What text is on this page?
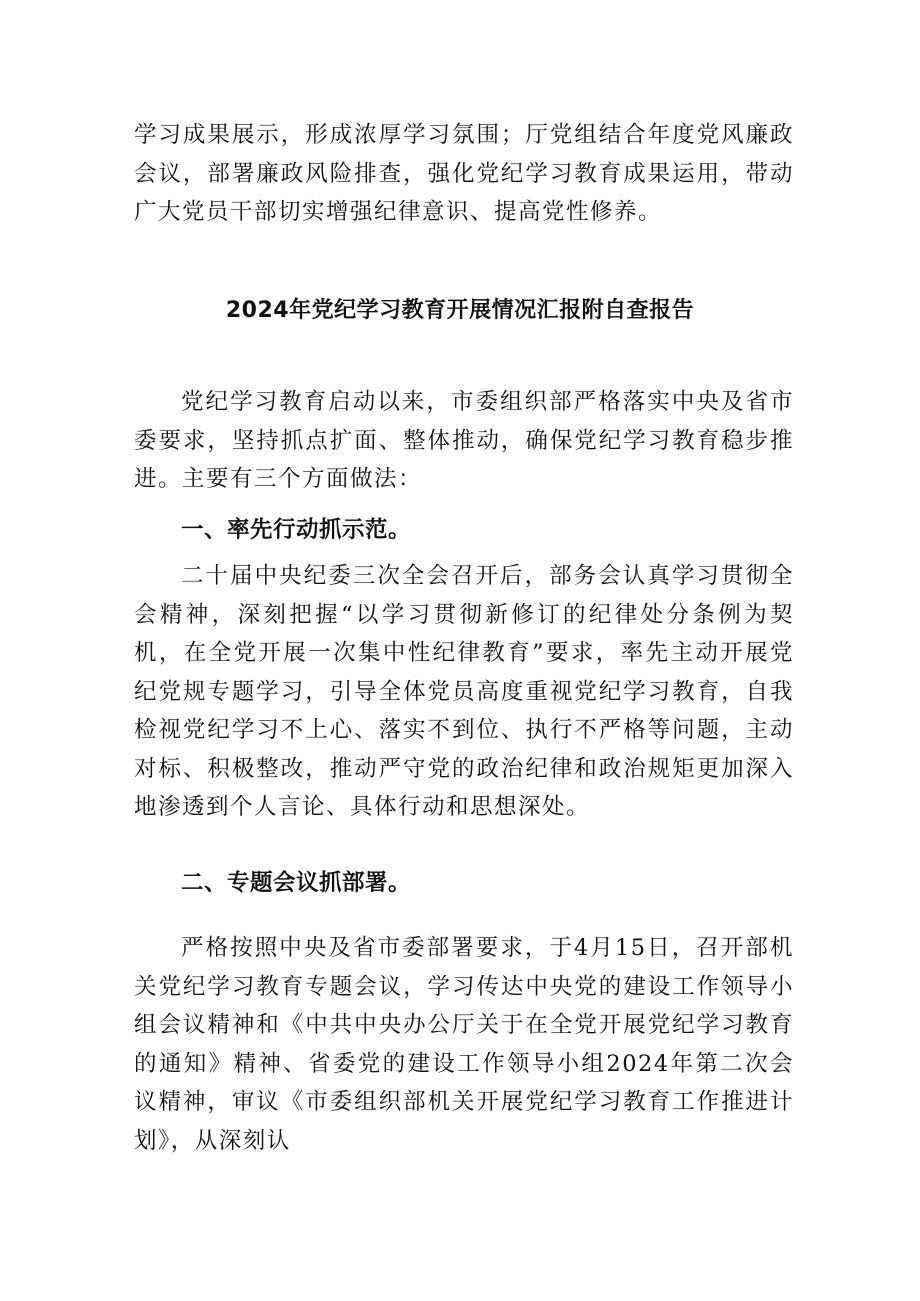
学习成果展示，形成浓厚学习氛围；厅党组结合年度党风廉政会议，部署廉政风险排查，强化党纪学习教育成果运用，带动广大党员干部切实增强纪律意识、提高党性修养。

2024年党纪学习教育开展情况汇报附自查报告

党纪学习教育启动以来，市委组织部严格落实中央及省市委要求，坚持抓点扩面、整体推动，确保党纪学习教育稳步推进。主要有三个方面做法：

一、率先行动抓示范。

二十届中央纪委三次全会召开后，部务会认真学习贯彻全会精神，深刻把握“以学习贯彻新修订的纪律处分条例为契机，在全党开展一次集中性纪律教育”要求，率先主动开展党纪党规专题学习，引导全体党员高度重视党纪学习教育，自我检视党纪学习不上心、落实不到位、执行不严格等问题，主动对标、积极整改，推动严守党的政治纪律和政治规矩更加深入地渗透到个人言论、具体行动和思想深处。

二、专题会议抓部署。

严格按照中央及省市委部署要求，于4月15日，召开部机关党纪学习教育专题会议，学习传达中央党的建设工作领导小组会议精神和《中共中央办公厅关于在全党开展党纪学习教育的通知》精神、省委党的建设工作领导小组2024年第二次会议精神，审议《市委组织部机关开展党纪学习教育工作推进计划》，从深刻认
